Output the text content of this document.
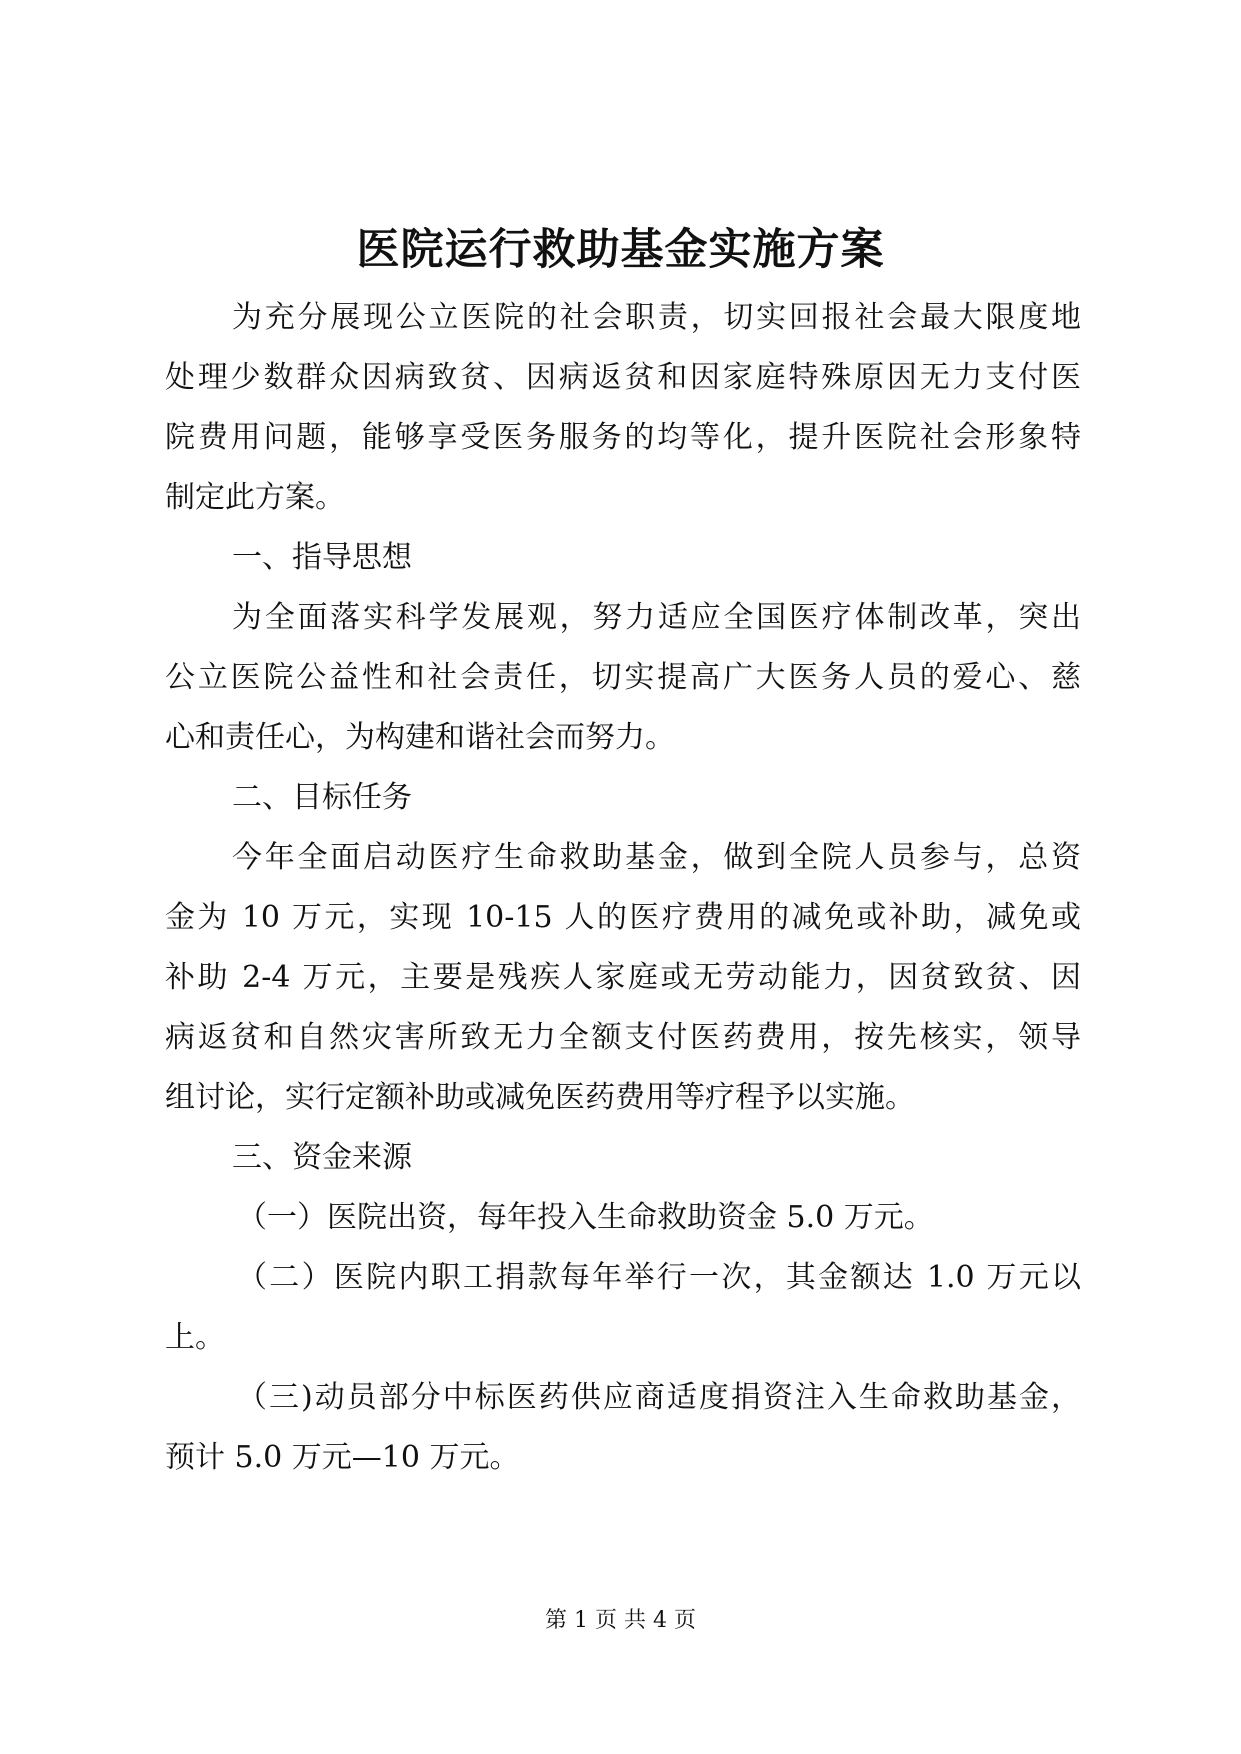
医院运行救助基金实施方案
为充分展现公立医院的社会职责，切实回报社会最大限度地
处理少数群众因病致贫、因病返贫和因家庭特殊原因无力支付医
院费用问题，能够享受医务服务的均等化，提升医院社会形象特
制定此方案。
一、指导思想
为全面落实科学发展观，努力适应全国医疗体制改革，突出
公立医院公益性和社会责任，切实提高广大医务人员的爱心、慈
心和责任心，为构建和谐社会而努力。
二、目标任务
今年全面启动医疗生命救助基金，做到全院人员参与，总资
金为 10 万元，实现 10-15 人的医疗费用的减免或补助，减免或
补助 2-4 万元，主要是残疾人家庭或无劳动能力，因贫致贫、因
病返贫和自然灾害所致无力全额支付医药费用，按先核实，领导
组讨论，实行定额补助或减免医药费用等疗程予以实施。
三、资金来源
（一）医院出资，每年投入生命救助资金 5.0 万元。
（二）医院内职工捐款每年举行一次，其金额达 1.0 万元以
上。
（三)动员部分中标医药供应商适度捐资注入生命救助基金，
预计 5.0 万元—10 万元。
第 1 页 共 4 页
